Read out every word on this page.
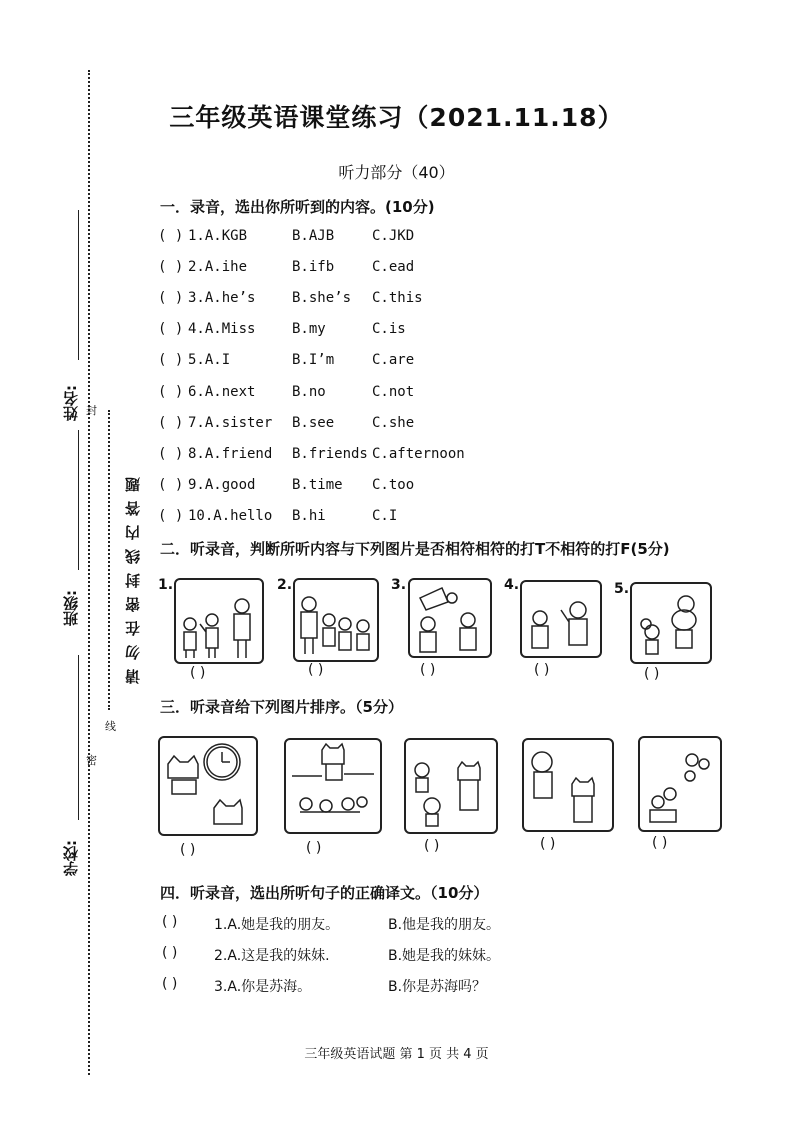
姓名:
班级:
学校:
封
密
线
请勿在密封线内答题
三年级英语课堂练习（2021.11.18）
听力部分（40）
一．录音，选出你所听到的内容。(10分)
( ) 1.A.KGB	B.AJB	C.JKD
( ) 2.A.ihe	B.ifb	C.ead
( ) 3.A.he’s	B.she’s C.this
( ) 4.A.Miss	B.my	C.is
( ) 5.A.I	B.I’m	C.are
( ) 6.A.next	B.no	C.not
( ) 7.A.sister B.see	C.she
( ) 8.A.friend B.friends C.afternoon
( ) 9.A.good	B.time C.too
( ) 10.A.hello B.hi	C.I
二．听录音，判断所听内容与下列图片是否相符相符的打T不相符的打F(5分)
1.
( )
2.
( )
3.
( )
4.
( )
5.
( )
三．听录音给下列图片排序。（5分）
( )	( )	( )	( )	( )
四．听录音，选出所听句子的正确译文。（10分）
( )	1.A.她是我的朋友。	B.他是我的朋友。
( )	2.A.这是我的妹妹.	B.她是我的妹妹。
( )	3.A.你是苏海。	B.你是苏海吗？
三年级英语试题 第 1 页 共 4 页
